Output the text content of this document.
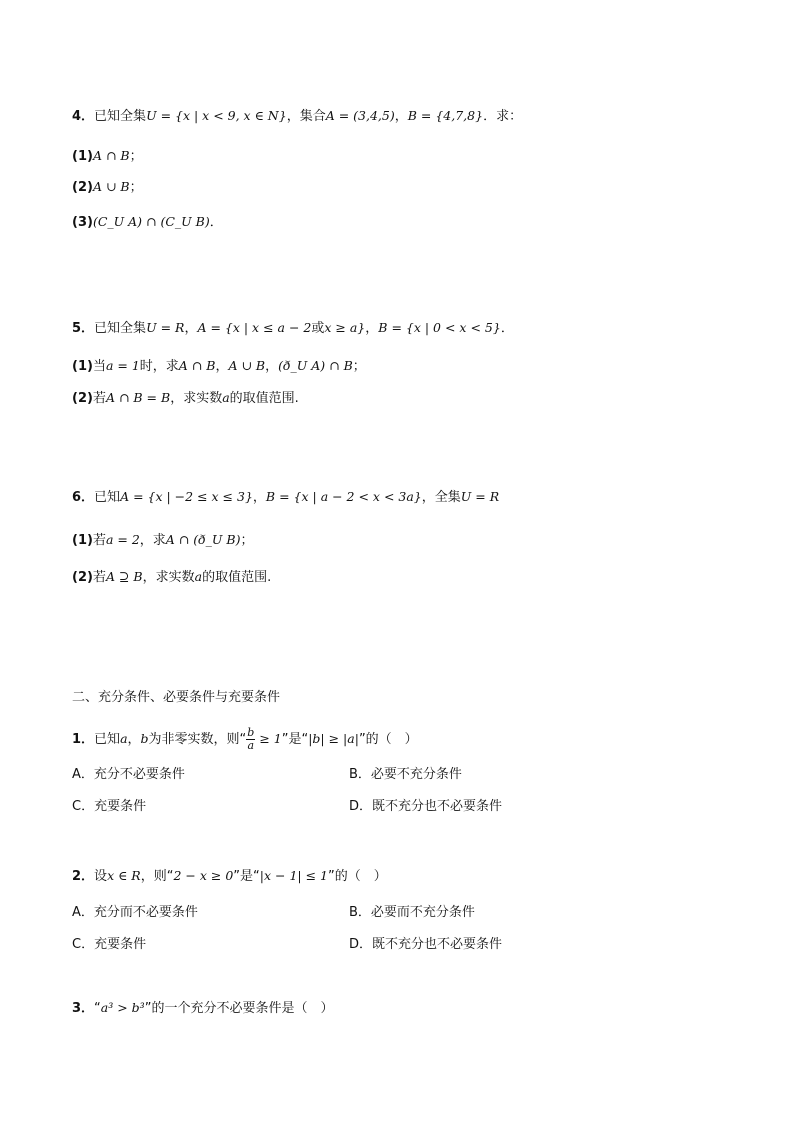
4．已知全集U = {x | x < 9, x ∈ N}，集合A = (3,4,5)，B = {4,7,8}．求：
(1)A ∩ B；
(2)A ∪ B；
(3)(C_U A) ∩ (C_U B)．
5．已知全集U = R，A = {x | x ≤ a − 2或x ≥ a}，B = {x | 0 < x < 5}．
(1)当a = 1时，求A ∩ B，A ∪ B，(ð_U A) ∩ B；
(2)若A ∩ B = B，求实数a的取值范围.
6．已知A = {x | −2 ≤ x ≤ 3}，B = {x | a − 2 < x < 3a}，全集U = R
(1)若a = 2，求A ∩ (ð_U B)；
(2)若A ⊇ B，求实数a的取值范围.
二、充分条件、必要条件与充要条件
1．已知a，b为非零实数，则“ $\frac{b}{a} \ge 1$”是“|b| ≥ |a|”的（　）
A．充分不必要条件	B．必要不充分条件
C．充要条件	D．既不充分也不必要条件
2．设x ∈ R，则“2 − x ≥ 0”是“|x − 1| ≤ 1”的（　）
A．充分而不必要条件	B．必要而不充分条件
C．充要条件	D．既不充分也不必要条件
3．“a³ > b³”的一个充分不必要条件是（　）
